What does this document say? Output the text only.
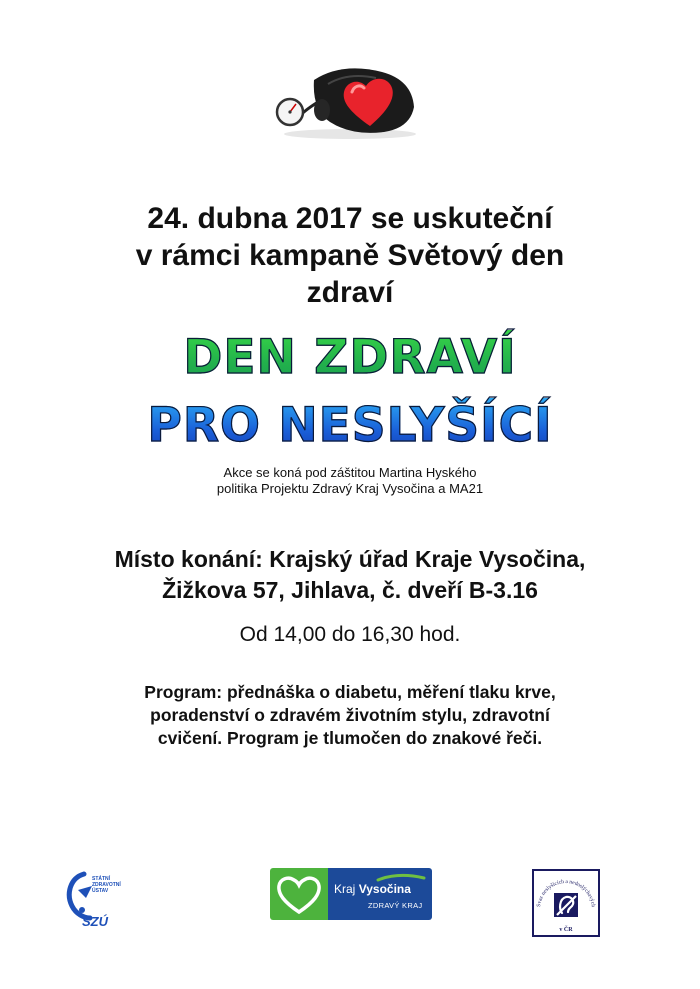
24. dubna 2017 se uskuteční
v rámci kampaně Světový den
zdraví
DEN ZDRAVÍ
PRO NESLYŠÍCÍ
Akce se koná pod záštitou Martina Hyského
politika Projektu Zdravý Kraj Vysočina a MA21
Místo konání: Krajský úřad Kraje Vysočina,
Žižkova 57, Jihlava, č. dveří B-3.16
Od 14,00 do 16,30 hod.
Program: přednáška o diabetu, měření tlaku krve,
poradenství o zdravém životním stylu, zdravotní
cvičení. Program je tlumočen do znakové řeči.
STÁTNÍ
ZDRAVOTNÍ
ÚSTAV
SZÚ
Kraj Vysočina
ZDRAVÝ KRAJ	Svaz neslyšících a nedoslýchavých
v ČR
